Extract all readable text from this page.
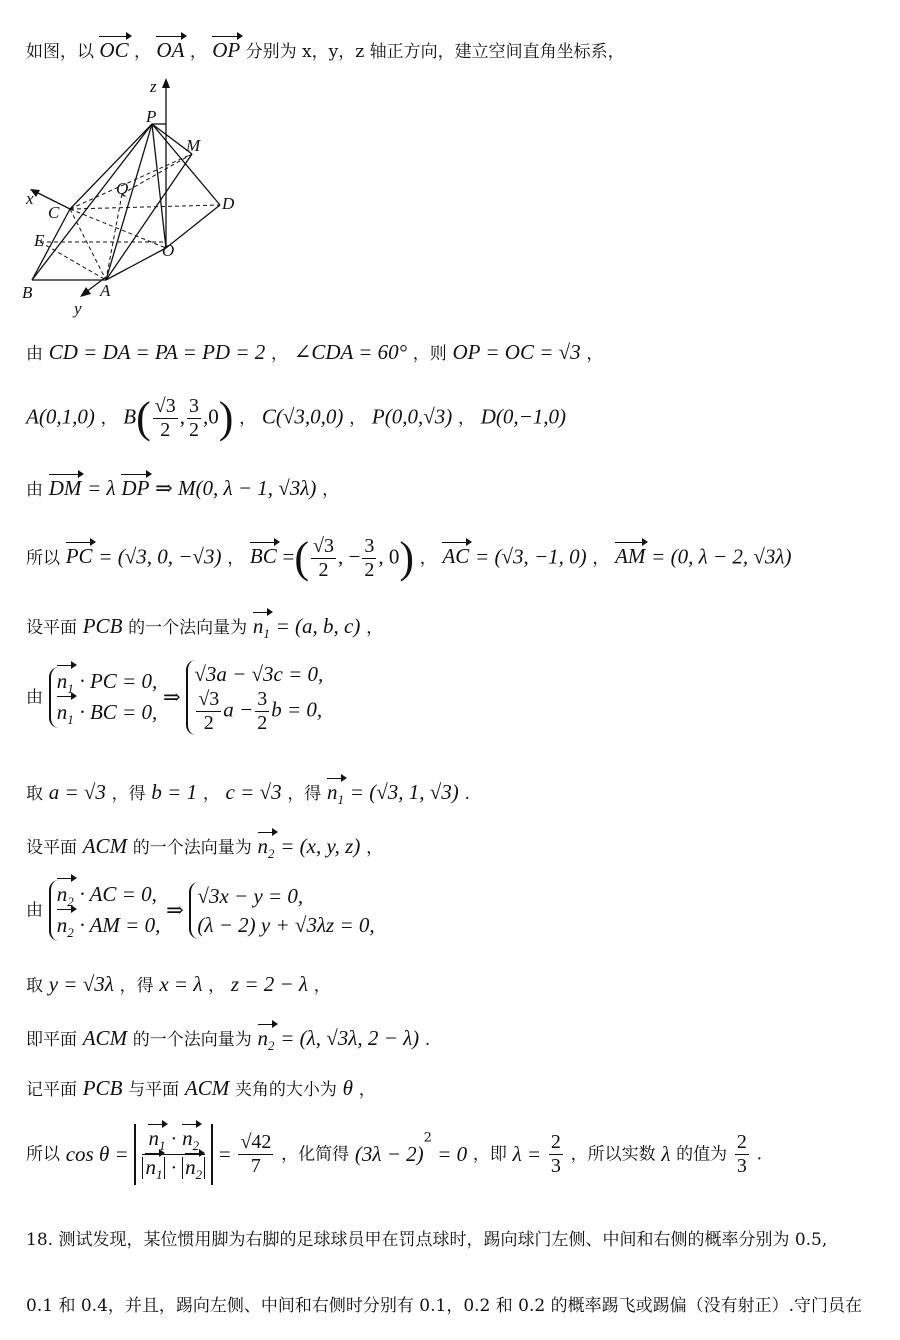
如图，以 OC ， OA ， OP 分别为 x，y，z 轴正方向，建立空间直角坐标系，
z
P
M
Q
x
C	D
E
O
B	A
y
由 CD = DA = PA = PD = 2 ， ∠CDA = 60° ，则 OP = OC = √3 ，
A(0,1,0) ， $B( \frac{√3}{2}$ , $\frac{3}{2} ,0$) ， C(√3,0,0) ， P(0,0,√3) ， D(0,−1,0)
由 DM = λ DP ⇒ M(0, λ − 1, √3λ) ，
所以 PC = (√3, 0, −√3) ， BC =( $\frac{√3}{2}$ , − $\frac{3}{2}$ , 0) ， AC = (√3, −1, 0) ， AM = (0, λ − 2, √3λ)
设平面 PCB 的一个法向量为 $n_1 = (a$, b, c) ，
由
$n_1$ · PC = 0,
$n_1$ · BC = 0,
⇒
√3a − √3c = 0,
$\frac{√3}{2}$ $a - \frac{3}{2}$ b = 0,
取 a = √3 ，得 b = 1 ， c = √3 ，得 $n_1 = (√3$, 1, √3) .
设平面 ACM 的一个法向量为 $n_2 = (x$, y, z) ，
由
$n_2$ · AC = 0,
$n_2$ · AM = 0,
⇒
√3x − y = 0,
(λ − 2) y + √3λz = 0,
取 y = √3λ ，得 x = λ ， z = 2 − λ ，
即平面 ACM 的一个法向量为 $n_2 = (\lambda$, √3λ, 2 − λ) .
记平面 PCB 与平面 ACM 夹角的大小为 θ ，
所以 $\cos \theta = \frac{n_1 \cdot n_2}{n_1 \cdot n_2} = \frac{√42}{7}$ ，化简得 $(3\lambda - 2)^2 = 0$ ，即 $\lambda = \frac{2}{3}$ ，所以实数 λ 的值为 $\frac{2}{3}$ .
18. 测试发现，某位惯用脚为右脚的足球球员甲在罚点球时，踢向球门左侧、中间和右侧的概率分别为 0.5,
0.1 和 0.4，并且，踢向左侧、中间和右侧时分别有 0.1，0.2 和 0.2 的概率踢飞或踢偏（没有射正）.守门员在
